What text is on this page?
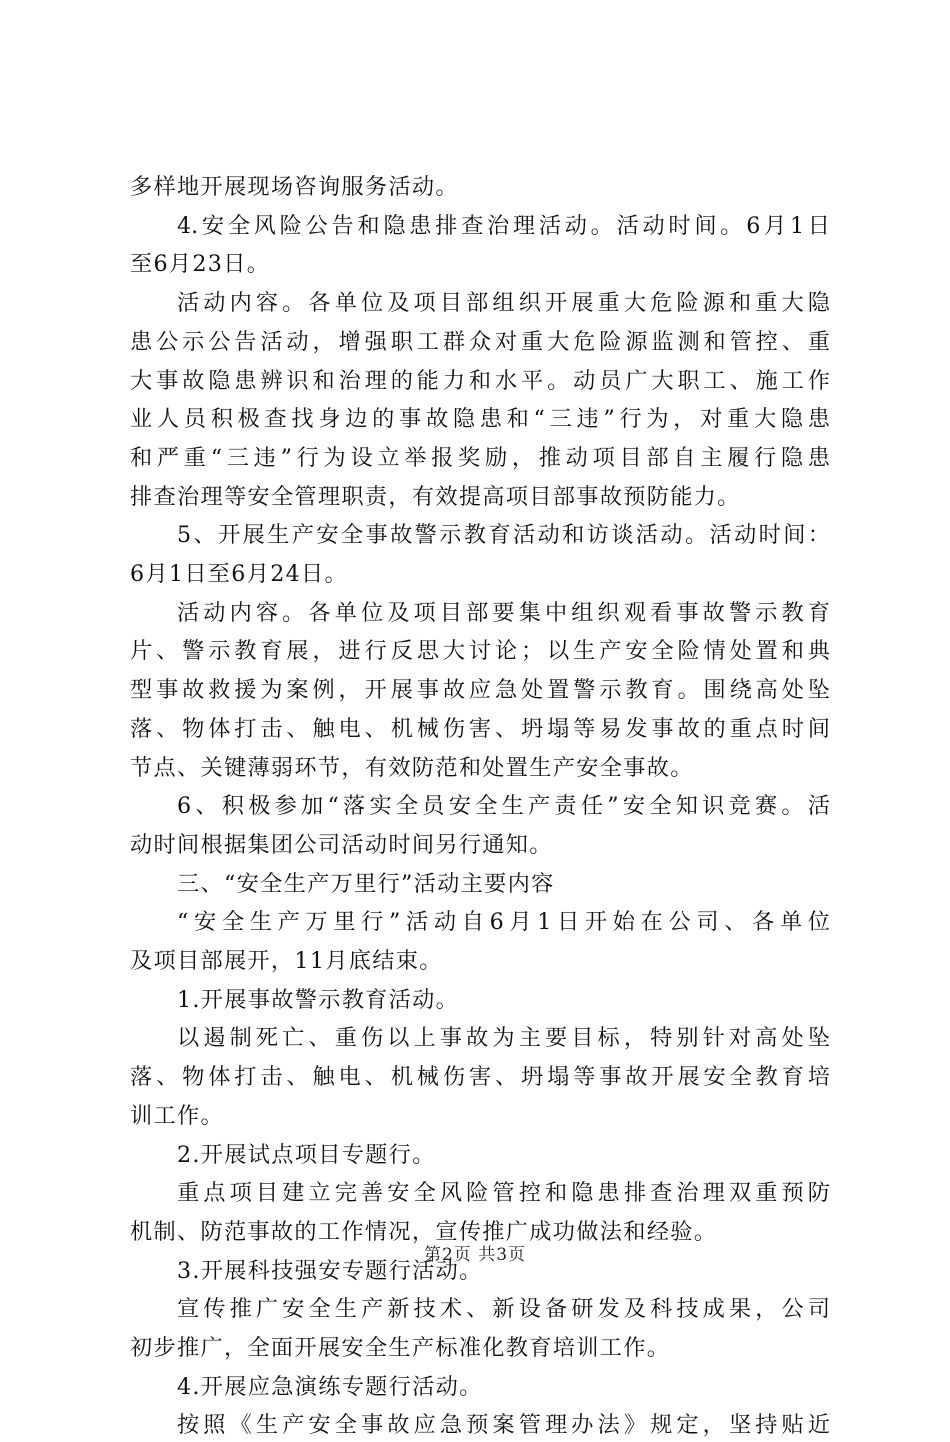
多样地开展现场咨询服务活动。
4.安全风险公告和隐患排查治理活动。活动时间。6月1日
至6月23日。
活动内容。各单位及项目部组织开展重大危险源和重大隐
患公示公告活动，增强职工群众对重大危险源监测和管控、重
大事故隐患辨识和治理的能力和水平。动员广大职工、施工作
业人员积极查找身边的事故隐患和“三违”行为，对重大隐患
和严重“三违”行为设立举报奖励，推动项目部自主履行隐患
排查治理等安全管理职责，有效提高项目部事故预防能力。
5、开展生产安全事故警示教育活动和访谈活动。活动时间：
6月1日至6月24日。
活动内容。各单位及项目部要集中组织观看事故警示教育
片、警示教育展，进行反思大讨论；以生产安全险情处置和典
型事故救援为案例，开展事故应急处置警示教育。围绕高处坠
落、物体打击、触电、机械伤害、坍塌等易发事故的重点时间
节点、关键薄弱环节，有效防范和处置生产安全事故。
6、积极参加“落实全员安全生产责任”安全知识竞赛。活
动时间根据集团公司活动时间另行通知。
三、“安全生产万里行”活动主要内容
“安全生产万里行”活动自6月1日开始在公司、各单位
及项目部展开，11月底结束。
1.开展事故警示教育活动。
以遏制死亡、重伤以上事故为主要目标，特别针对高处坠
落、物体打击、触电、机械伤害、坍塌等事故开展安全教育培
训工作。
2.开展试点项目专题行。
重点项目建立完善安全风险管控和隐患排查治理双重预防
机制、防范事故的工作情况，宣传推广成功做法和经验。
3.开展科技强安专题行活动。
宣传推广安全生产新技术、新设备研发及科技成果，公司
初步推广，全面开展安全生产标准化教育培训工作。
4.开展应急演练专题行活动。
按照《生产安全事故应急预案管理办法》规定，坚持贴近
第2页 共3页
